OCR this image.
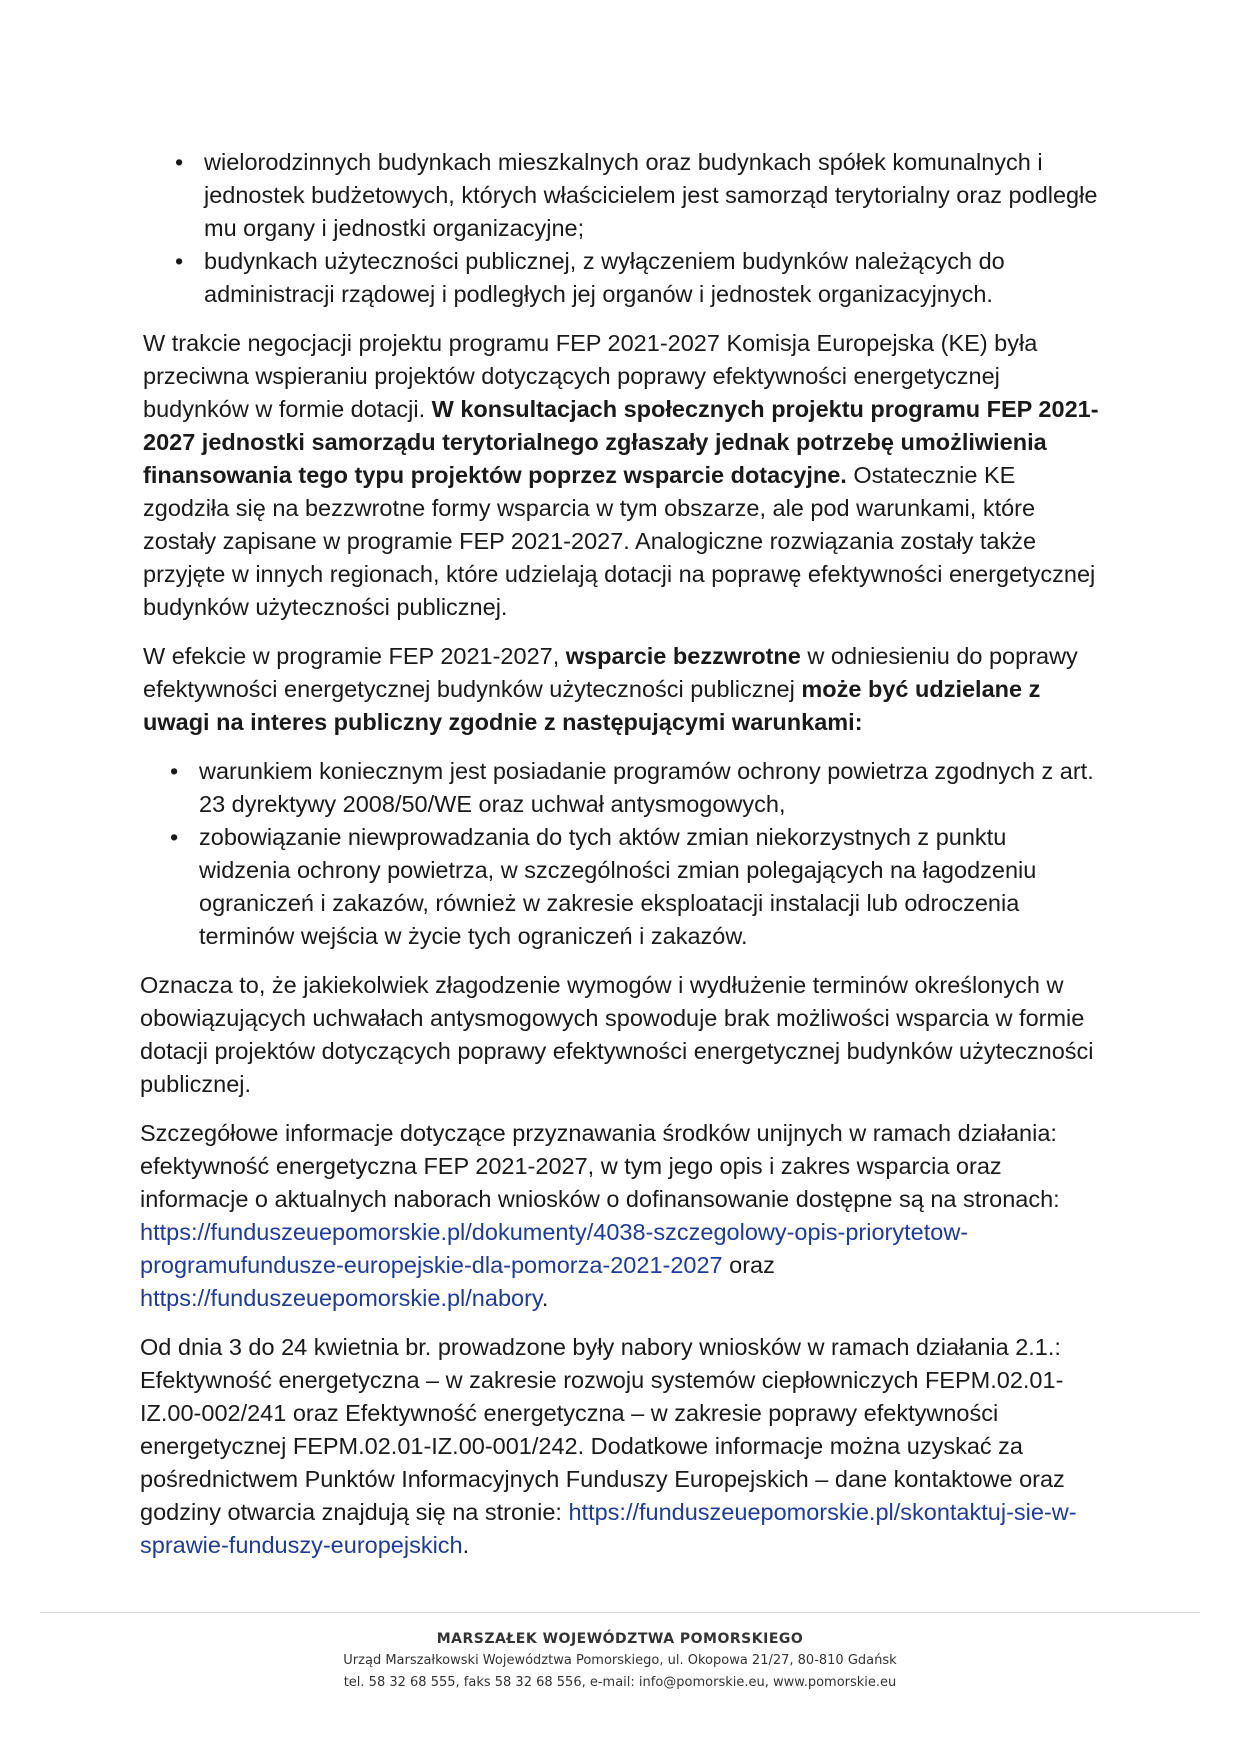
• wielorodzinnych budynkach mieszkalnych oraz budynkach spółek komunalnych i jednostek budżetowych, których właścicielem jest samorząd terytorialny oraz podległe mu organy i jednostki organizacyjne;
• budynkach użyteczności publicznej, z wyłączeniem budynków należących do administracji rządowej i podległych jej organów i jednostek organizacyjnych.

W trakcie negocjacji projektu programu FEP 2021-2027 Komisja Europejska (KE) była przeciwna wspieraniu projektów dotyczących poprawy efektywności energetycznej budynków w formie dotacji. W konsultacjach społecznych projektu programu FEP 2021-2027 jednostki samorządu terytorialnego zgłaszały jednak potrzebę umożliwienia finansowania tego typu projektów poprzez wsparcie dotacyjne. Ostatecznie KE zgodziła się na bezzwrotne formy wsparcia w tym obszarze, ale pod warunkami, które zostały zapisane w programie FEP 2021-2027. Analogiczne rozwiązania zostały także przyjęte w innych regionach, które udzielają dotacji na poprawę efektywności energetycznej budynków użyteczności publicznej.

W efekcie w programie FEP 2021-2027, wsparcie bezzwrotne w odniesieniu do poprawy efektywności energetycznej budynków użyteczności publicznej może być udzielane z uwagi na interes publiczny zgodnie z następującymi warunkami:

• warunkiem koniecznym jest posiadanie programów ochrony powietrza zgodnych z art. 23 dyrektywy 2008/50/WE oraz uchwał antysmogowych,
• zobowiązanie niewprowadzania do tych aktów zmian niekorzystnych z punktu widzenia ochrony powietrza, w szczególności zmian polegających na łagodzeniu ograniczeń i zakazów, również w zakresie eksploatacji instalacji lub odroczenia terminów wejścia w życie tych ograniczeń i zakazów.

Oznacza to, że jakiekolwiek złagodzenie wymogów i wydłużenie terminów określonych w obowiązujących uchwałach antysmogowych spowoduje brak możliwości wsparcia w formie dotacji projektów dotyczących poprawy efektywności energetycznej budynków użyteczności publicznej.

Szczegółowe informacje dotyczące przyznawania środków unijnych w ramach działania: efektywność energetyczna FEP 2021-2027, w tym jego opis i zakres wsparcia oraz informacje o aktualnych naborach wniosków o dofinansowanie dostępne są na stronach: https://funduszeuepomorskie.pl/dokumenty/4038-szczegolowy-opis-priorytetow-programufundusze-europejskie-dla-pomorza-2021-2027 oraz https://funduszeuepomorskie.pl/nabory.

Od dnia 3 do 24 kwietnia br. prowadzone były nabory wniosków w ramach działania 2.1.: Efektywność energetyczna – w zakresie rozwoju systemów ciepłowniczych FEPM.02.01-IZ.00-002/241 oraz Efektywność energetyczna – w zakresie poprawy efektywności energetycznej FEPM.02.01-IZ.00-001/242. Dodatkowe informacje można uzyskać za pośrednictwem Punktów Informacyjnych Funduszy Europejskich – dane kontaktowe oraz godziny otwarcia znajdują się na stronie: https://funduszeuepomorskie.pl/skontaktuj-sie-w-sprawie-funduszy-europejskich.

MARSZAŁEK WOJEWÓDZTWA POMORSKIEGO
Urząd Marszałkowski Województwa Pomorskiego, ul. Okopowa 21/27, 80-810 Gdańsk
tel. 58 32 68 555, faks 58 32 68 556, e-mail: info@pomorskie.eu, www.pomorskie.eu
